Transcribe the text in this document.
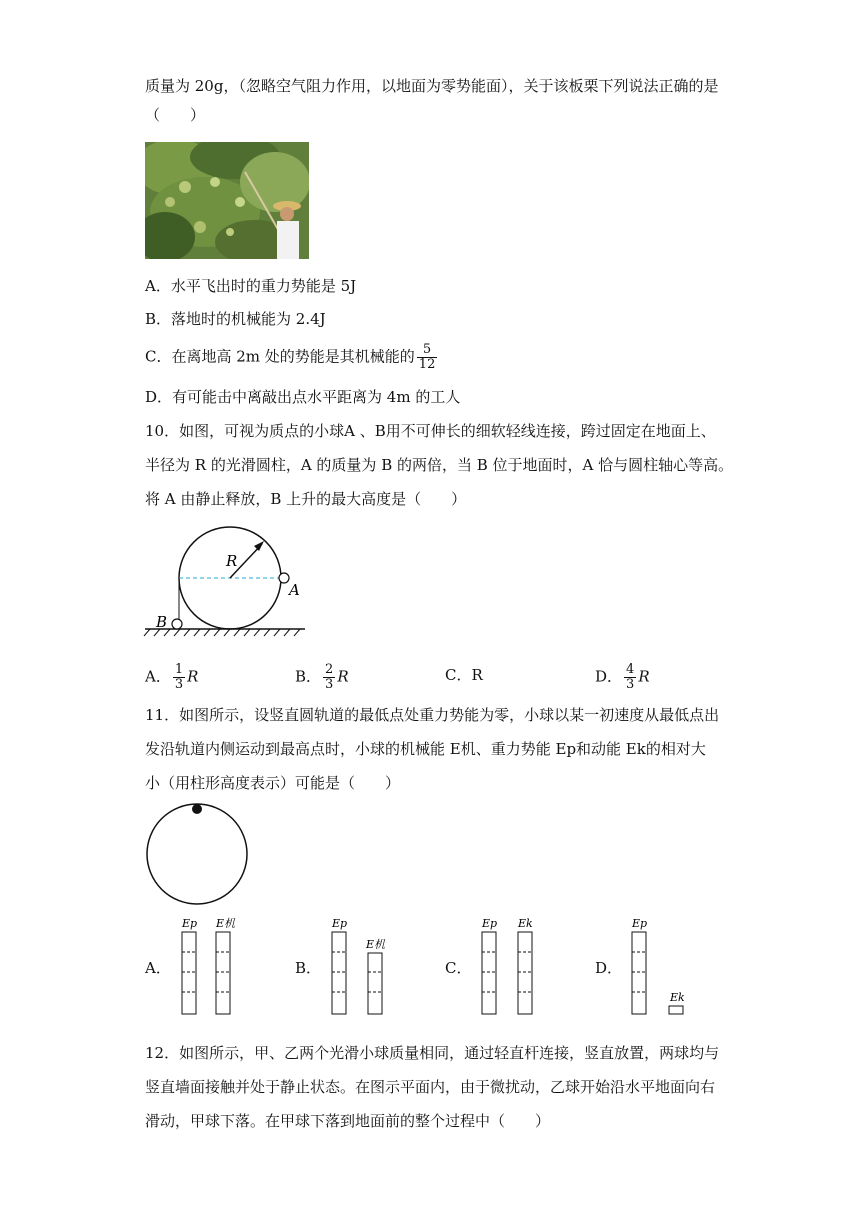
质量为 20g，（忽略空气阻力作用，以地面为零势能面），关于该板栗下列说法正确的是
（　　）
A．水平飞出时的重力势能是 5J
B．落地时的机械能为 2.4J
C．在离地高 2m 处的势能是其机械能的 $\frac{5}{12}$
D．有可能击中离敲出点水平距离为 4m 的工人
10．如图，可视为质点的小球A 、B用不可伸长的细软轻线连接，跨过固定在地面上、
半径为 R 的光滑圆柱，A 的质量为 B 的两倍，当 B 位于地面时，A 恰与圆柱轴心等高。
将 A 由静止释放，B 上升的最大高度是（　　）
R
A
B
A． $\frac{1}{3}$ R	B． $\frac{2}{3}$ R	C．R	D． $\frac{4}{3}$ R
11．如图所示，设竖直圆轨道的最低点处重力势能为零，小球以某一初速度从最低点出
发沿轨道内侧运动到最高点时，小球的机械能 E机、重力势能 Ep和动能 Ek的相对大
小（用柱形高度表示）可能是（　　）
A．	B．	C．	D．
Ep E机	Ep
E机
Ep Ek	Ep
Ek
12．如图所示，甲、乙两个光滑小球质量相同，通过轻直杆连接，竖直放置，两球均与
竖直墙面接触并处于静止状态。在图示平面内，由于微扰动，乙球开始沿水平地面向右
滑动，甲球下落。在甲球下落到地面前的整个过程中（　　）
